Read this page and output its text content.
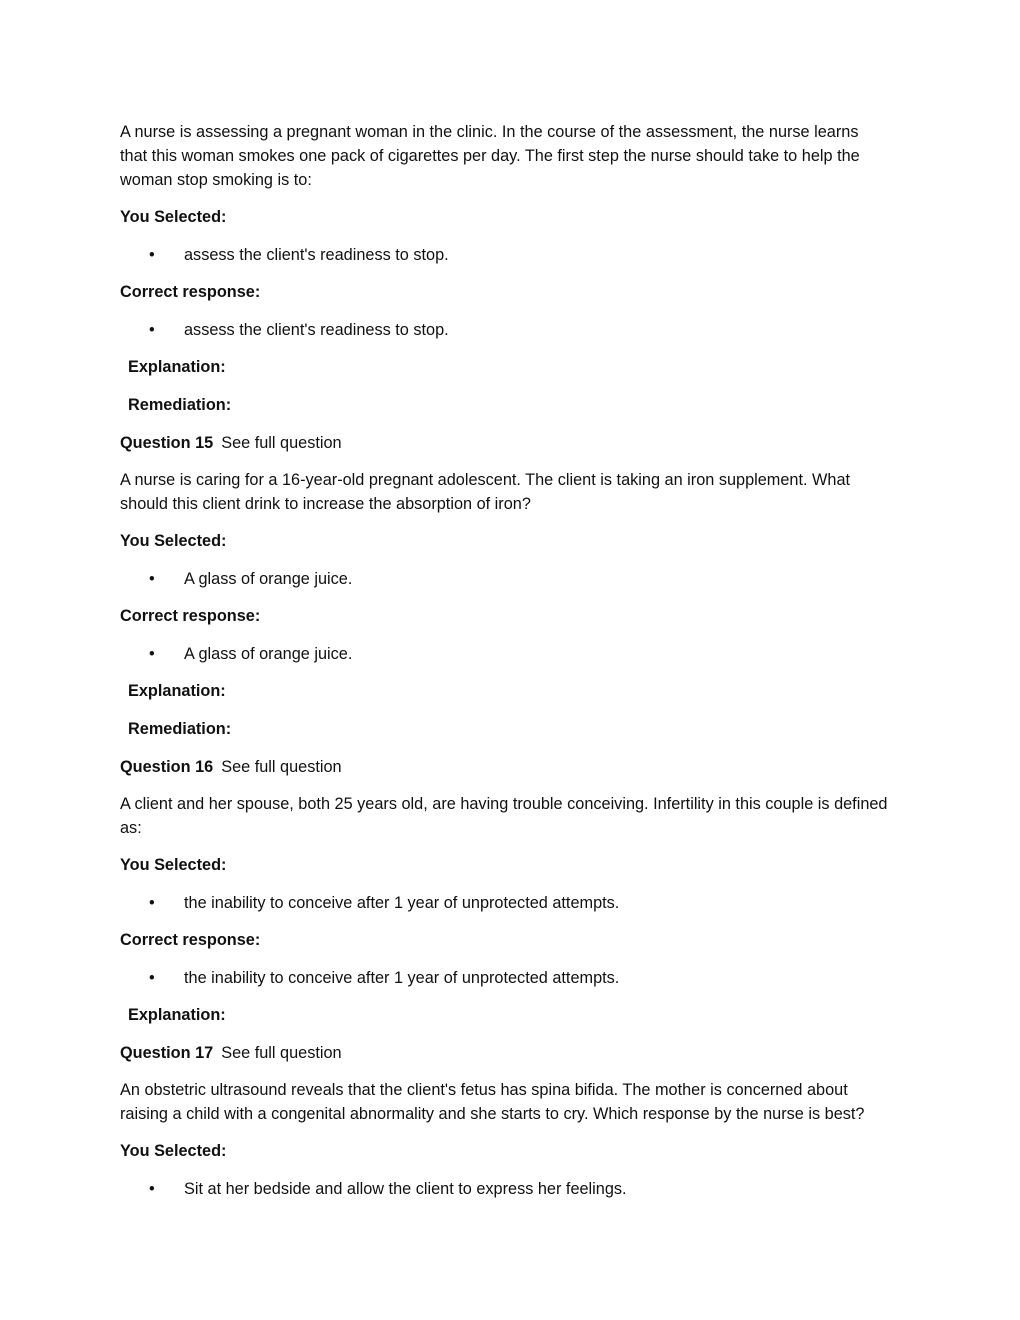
A nurse is assessing a pregnant woman in the clinic. In the course of the assessment, the nurse learns that this woman smokes one pack of cigarettes per day. The first step the nurse should take to help the woman stop smoking is to:

You Selected:

• assess the client's readiness to stop.

Correct response:

• assess the client's readiness to stop.

Explanation:

Remediation:

Question 15 See full question

A nurse is caring for a 16-year-old pregnant adolescent. The client is taking an iron supplement. What should this client drink to increase the absorption of iron?

You Selected:

• A glass of orange juice.

Correct response:

• A glass of orange juice.

Explanation:

Remediation:

Question 16 See full question

A client and her spouse, both 25 years old, are having trouble conceiving. Infertility in this couple is defined as:

You Selected:

• the inability to conceive after 1 year of unprotected attempts.

Correct response:

• the inability to conceive after 1 year of unprotected attempts.

Explanation:

Question 17 See full question

An obstetric ultrasound reveals that the client's fetus has spina bifida. The mother is concerned about raising a child with a congenital abnormality and she starts to cry. Which response by the nurse is best?

You Selected:

• Sit at her bedside and allow the client to express her feelings.
